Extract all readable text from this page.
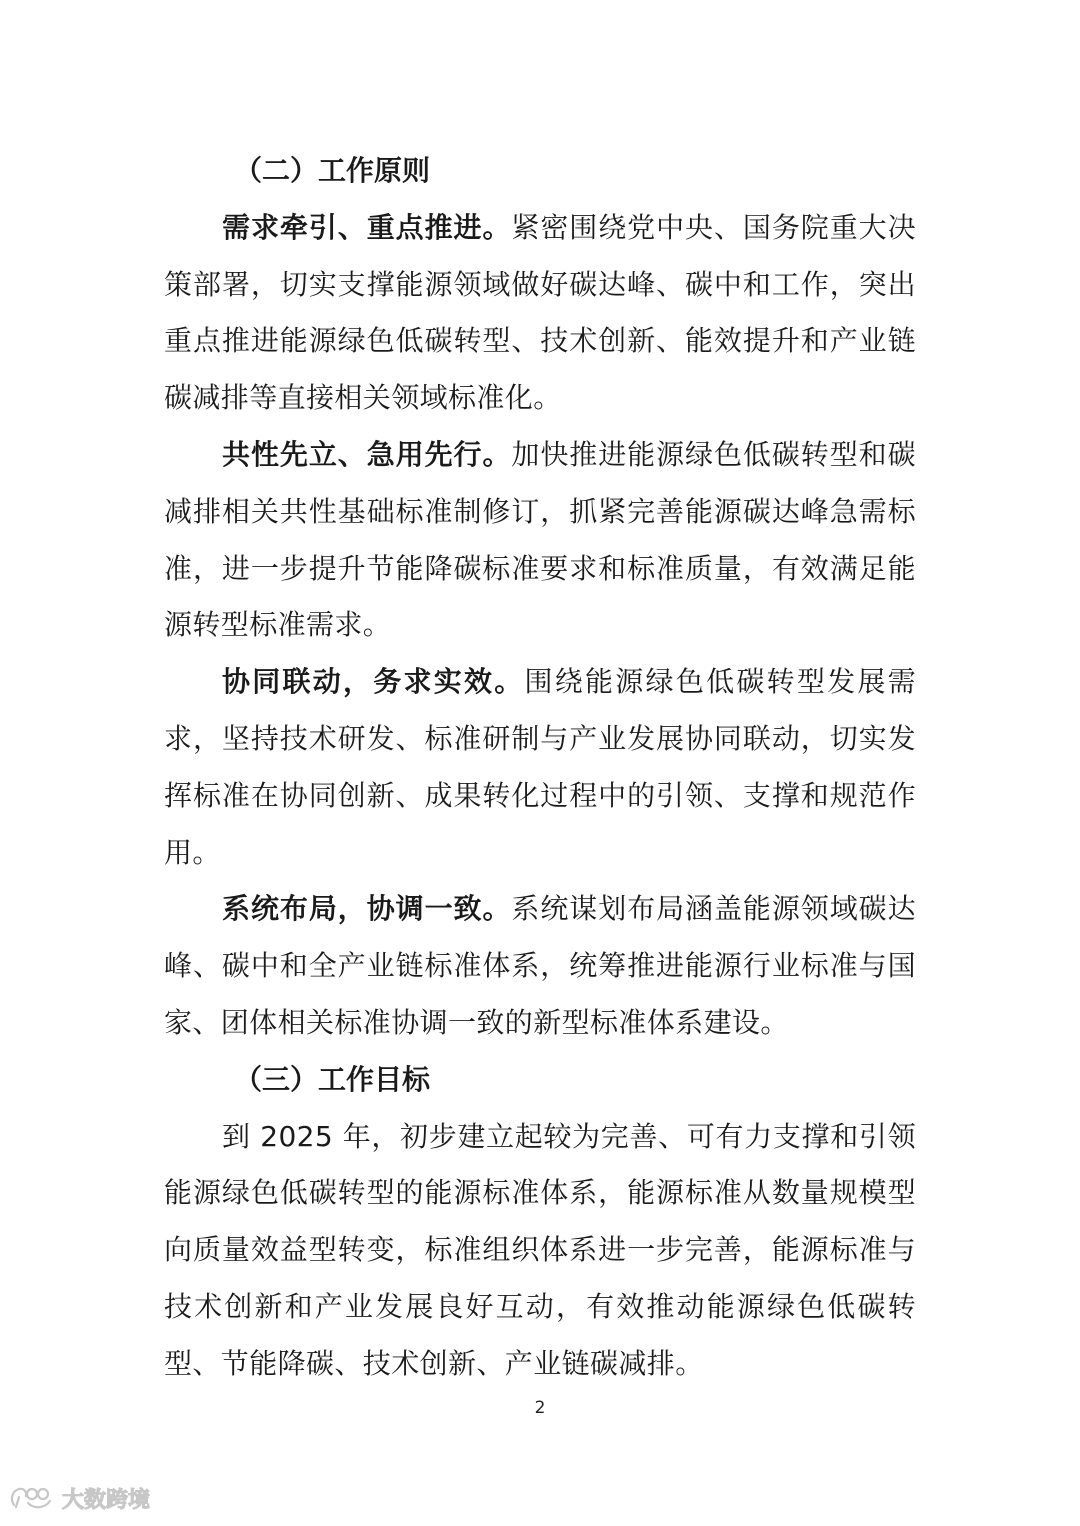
（二）工作原则

需求牵引、重点推进。紧密围绕党中央、国务院重大决策部署，切实支撑能源领域做好碳达峰、碳中和工作，突出重点推进能源绿色低碳转型、技术创新、能效提升和产业链碳减排等直接相关领域标准化。

共性先立、急用先行。加快推进能源绿色低碳转型和碳减排相关共性基础标准制修订，抓紧完善能源碳达峰急需标准，进一步提升节能降碳标准要求和标准质量，有效满足能源转型标准需求。

协同联动，务求实效。围绕能源绿色低碳转型发展需求，坚持技术研发、标准研制与产业发展协同联动，切实发挥标准在协同创新、成果转化过程中的引领、支撑和规范作用。

系统布局，协调一致。系统谋划布局涵盖能源领域碳达峰、碳中和全产业链标准体系，统筹推进能源行业标准与国家、团体相关标准协调一致的新型标准体系建设。

（三）工作目标

到 2025 年，初步建立起较为完善、可有力支撑和引领能源绿色低碳转型的能源标准体系，能源标准从数量规模型向质量效益型转变，标准组织体系进一步完善，能源标准与技术创新和产业发展良好互动，有效推动能源绿色低碳转型、节能降碳、技术创新、产业链碳减排。

2
大数跨境
